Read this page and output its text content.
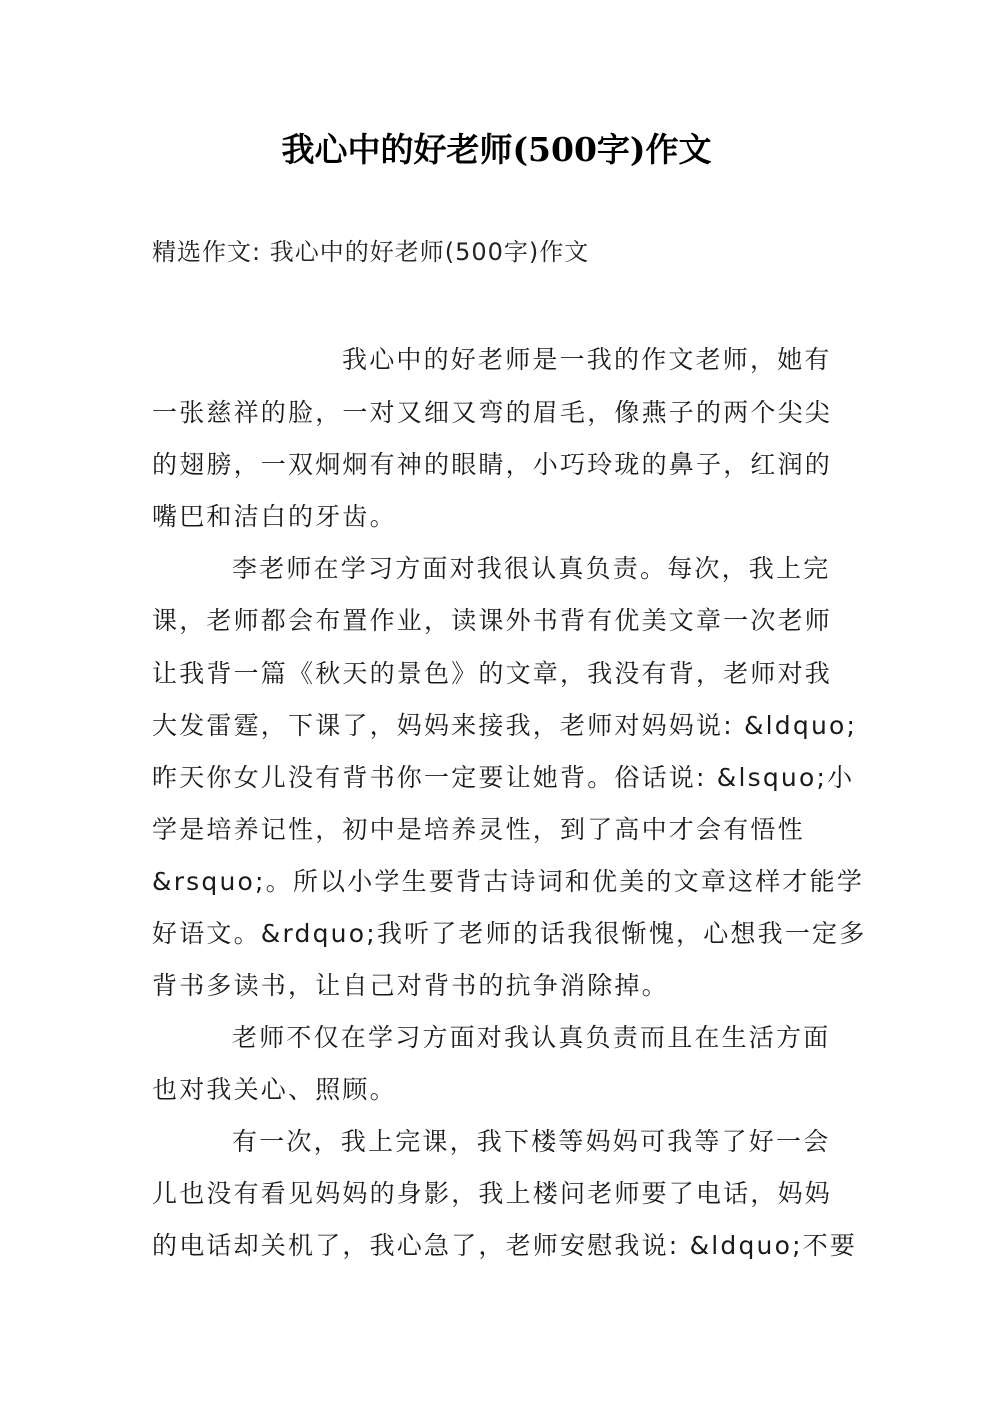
我心中的好老师(500字)作文
精选作文: 我心中的好老师(500字)作文
我心中的好老师是一我的作文老师，她有
一张慈祥的脸，一对又细又弯的眉毛，像燕子的两个尖尖
的翅膀，一双炯炯有神的眼睛，小巧玲珑的鼻子，红润的
嘴巴和洁白的牙齿。
李老师在学习方面对我很认真负责。每次，我上完
课，老师都会布置作业，读课外书背有优美文章一次老师
让我背一篇《秋天的景色》的文章，我没有背，老师对我
大发雷霆，下课了，妈妈来接我，老师对妈妈说: &ldquo;
昨天你女儿没有背书你一定要让她背。俗话说: &lsquo;小
学是培养记性，初中是培养灵性，到了高中才会有悟性
&rsquo;。所以小学生要背古诗词和优美的文章这样才能学
好语文。&rdquo;我听了老师的话我很惭愧，心想我一定多
背书多读书，让自己对背书的抗争消除掉。
老师不仅在学习方面对我认真负责而且在生活方面
也对我关心、照顾。
有一次，我上完课，我下楼等妈妈可我等了好一会
儿也没有看见妈妈的身影，我上楼问老师要了电话，妈妈
的电话却关机了，我心急了，老师安慰我说: &ldquo;不要
